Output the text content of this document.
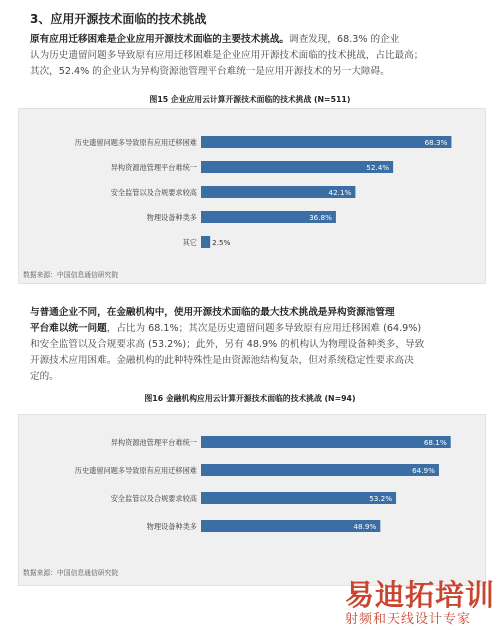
3、应用开源技术面临的技术挑战
原有应用迁移困难是企业应用开源技术面临的主要技术挑战。调查发现，68.3% 的企业
认为历史遗留问题多导致原有应用迁移困难是企业应用开源技术面临的技术挑战，占比最高；
其次，52.4% 的企业认为异构资源池管理平台难统一是应用开源技术的另一大障碍。
图15 企业应用云计算开源技术面临的技术挑战 (N=511)
历史遗留问题多导致原有应用迁移困难	68.3%
异构资源池管理平台难统一	52.4%
安全监管以及合规要求较高	42.1%
物理设备种类多	36.8%
其它 2.5%
数据来源：中国信息通信研究院
与普通企业不同，在金融机构中，使用开源技术面临的最大技术挑战是异构资源池管理
平台难以统一问题，占比为 68.1%；其次是历史遗留问题多导致原有应用迁移困难 (64.9%)
和安全监管以及合规要求高 (53.2%)；此外，另有 48.9% 的机构认为物理设备种类多，导致
开源技术应用困难。金融机构的此种特殊性是由资源池结构复杂，但对系统稳定性要求高决
定的。
图16 金融机构应用云计算开源技术面临的技术挑战 (N=94)
异构资源池管理平台难统一	68.1%
历史遗留问题多导致原有应用迁移困难	64.9%
安全监管以及合规要求较高	53.2%
物理设备种类多	48.9%
数据来源：中国信息通信研究院
易迪拓培训
射频和天线设计专家
